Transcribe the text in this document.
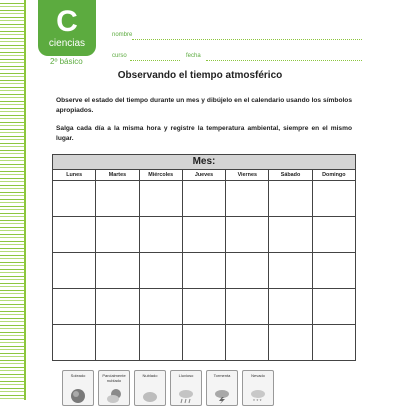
C
ciencias
2º básico
nombre
curso	fecha
Observando el tiempo atmosférico
Observe el estado del tiempo durante un mes y dibújelo en el calendario usando los símbolos apropiados.
Salga cada día a la misma hora y registre la temperatura ambiental, siempre en el mismo lugar.
Mes:
Lunes	Martes	Miércoles	Jueves	Viernes	Sábado	Domingo
Soleado	Parcialmente nublado
Nublado	Lluvioso	Tormenta	Nevado
* * *
